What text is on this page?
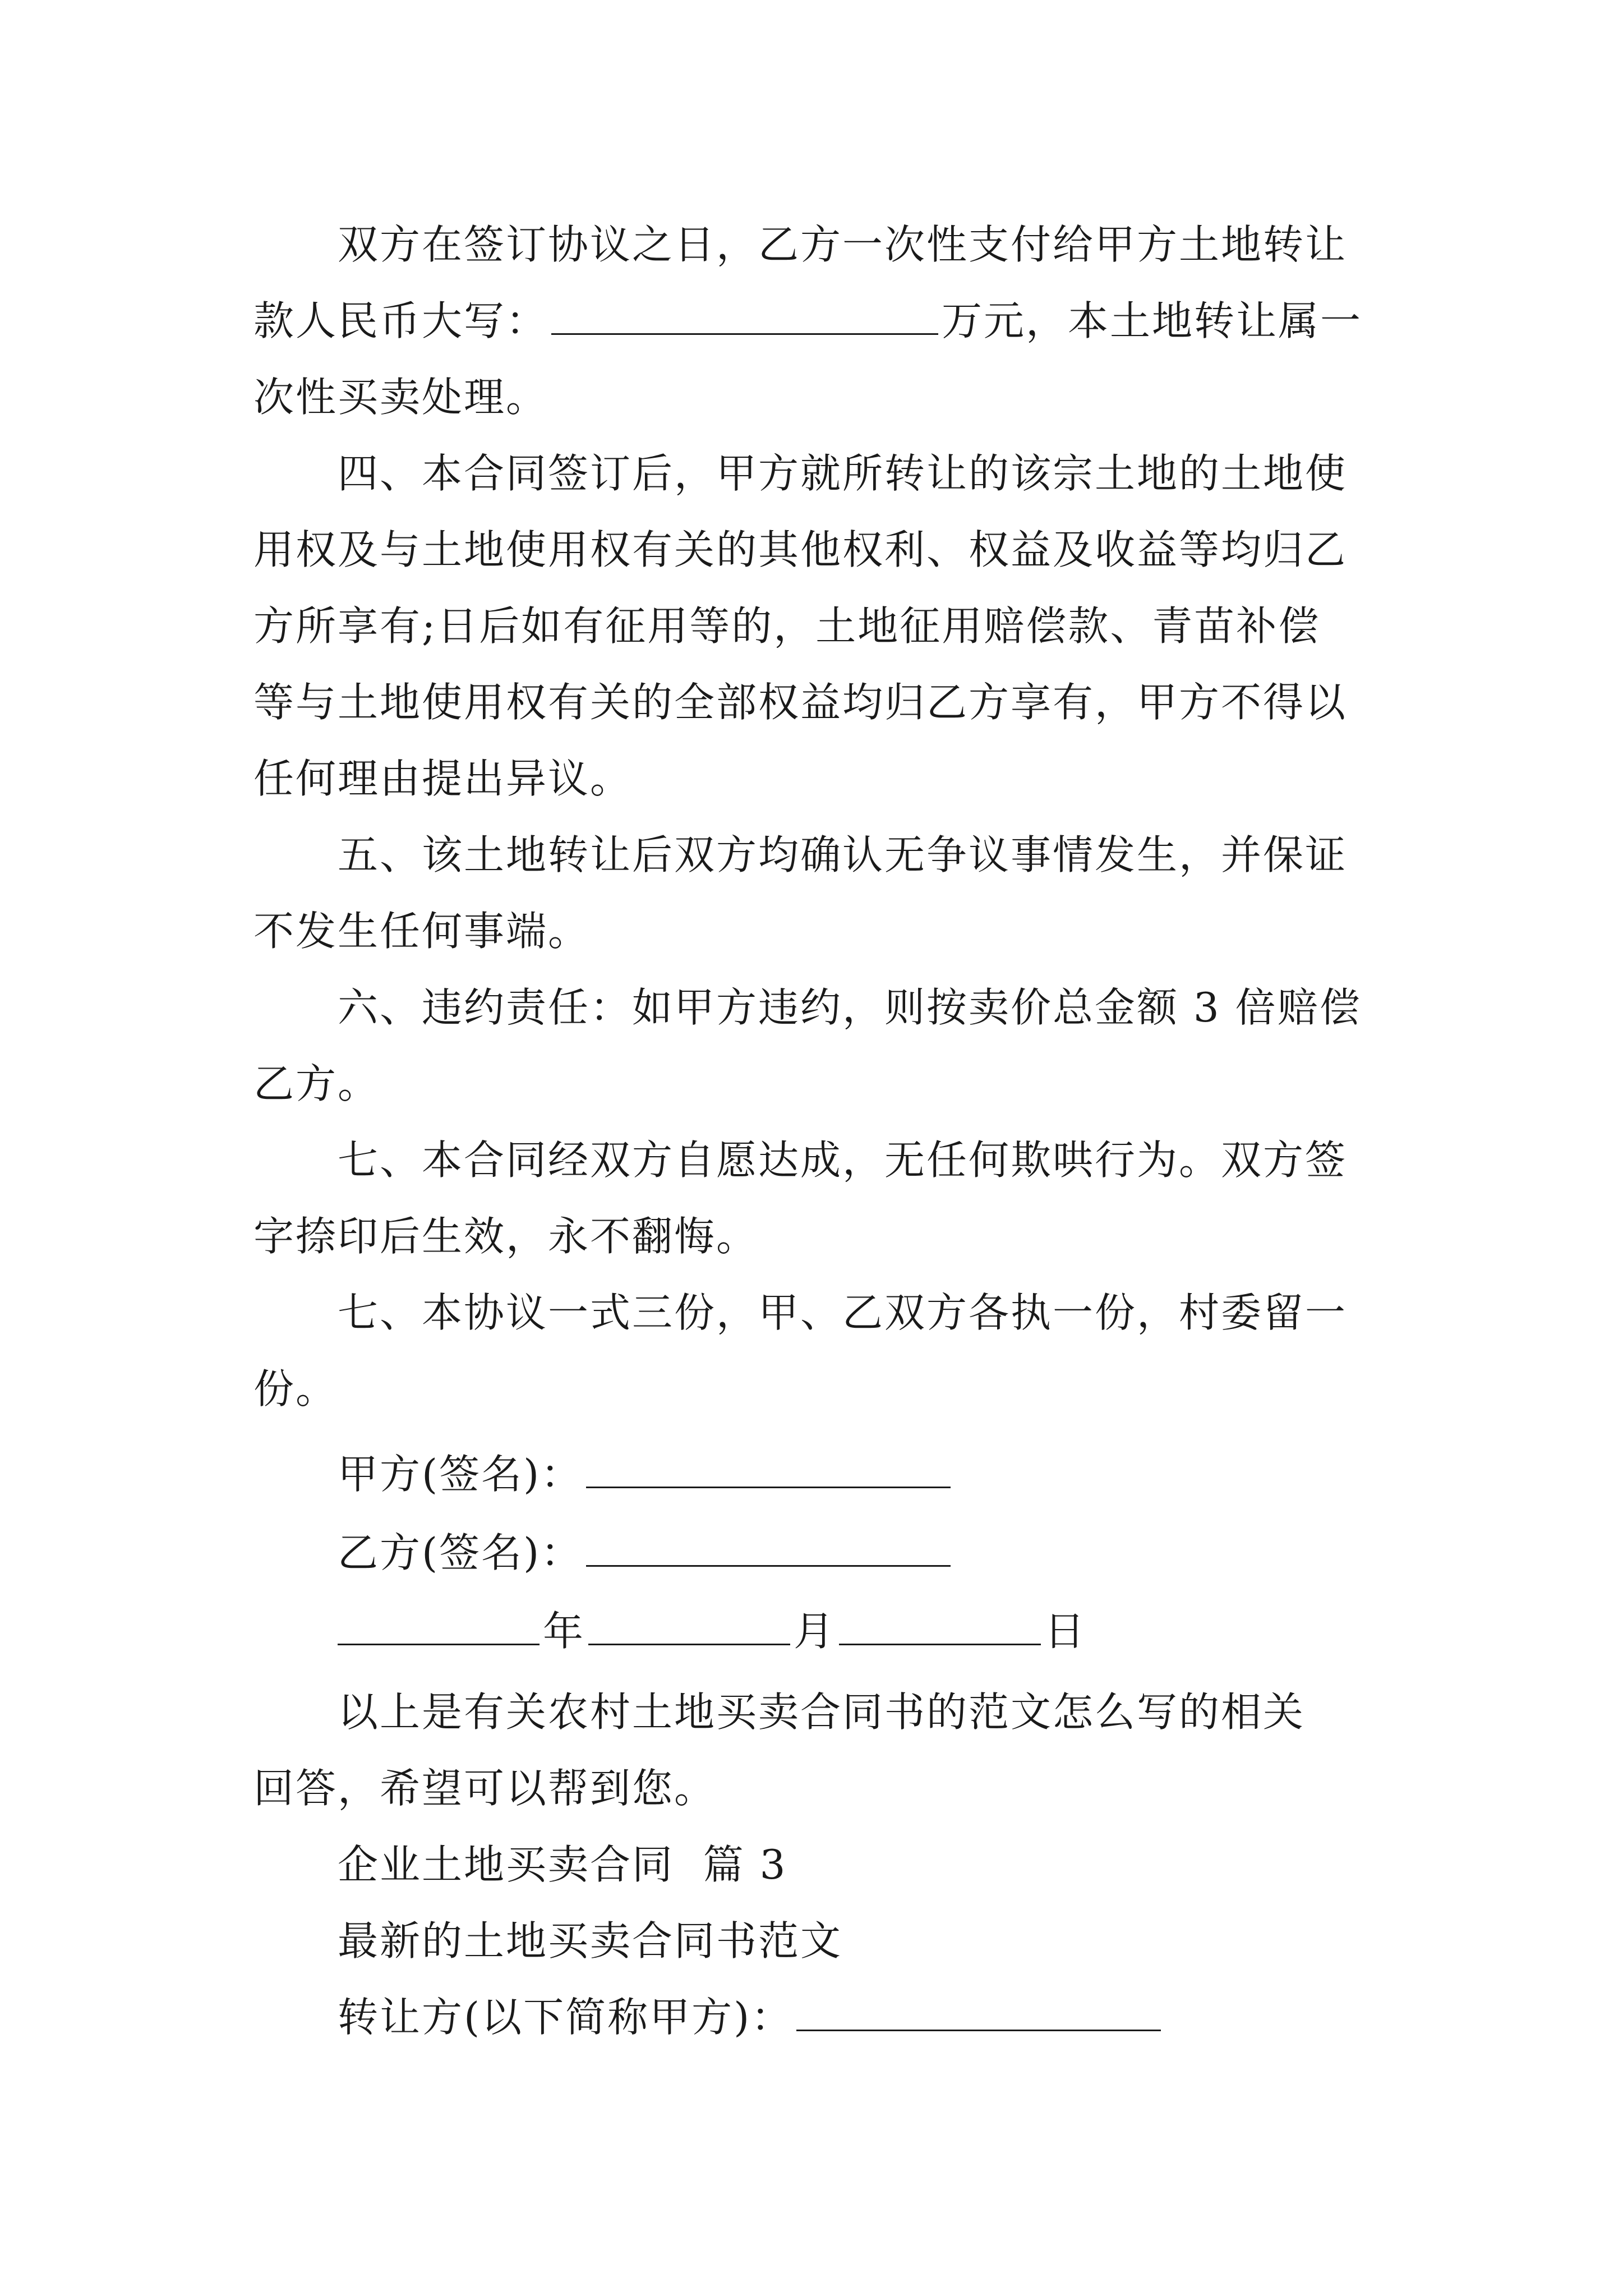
双方在签订协议之日，乙方一次性支付给甲方土地转让
款人民币大写：	万元，本土地转让属一
次性买卖处理。
四、本合同签订后，甲方就所转让的该宗土地的土地使
用权及与土地使用权有关的其他权利、权益及收益等均归乙
方所享有;日后如有征用等的，土地征用赔偿款、青苗补偿
等与土地使用权有关的全部权益均归乙方享有，甲方不得以
任何理由提出异议。
五、该土地转让后双方均确认无争议事情发生，并保证
不发生任何事端。
六、违约责任：如甲方违约，则按卖价总金额 3 倍赔偿
乙方。
七、本合同经双方自愿达成，无任何欺哄行为。双方签
字捺印后生效，永不翻悔。
七、本协议一式三份，甲、乙双方各执一份，村委留一
份。
甲方(签名)：
乙方(签名)：
年	月	日
以上是有关农村土地买卖合同书的范文怎么写的相关
回答，希望可以帮到您。
企业土地买卖合同  篇 3
最新的土地买卖合同书范文
转让方(以下简称甲方)：
